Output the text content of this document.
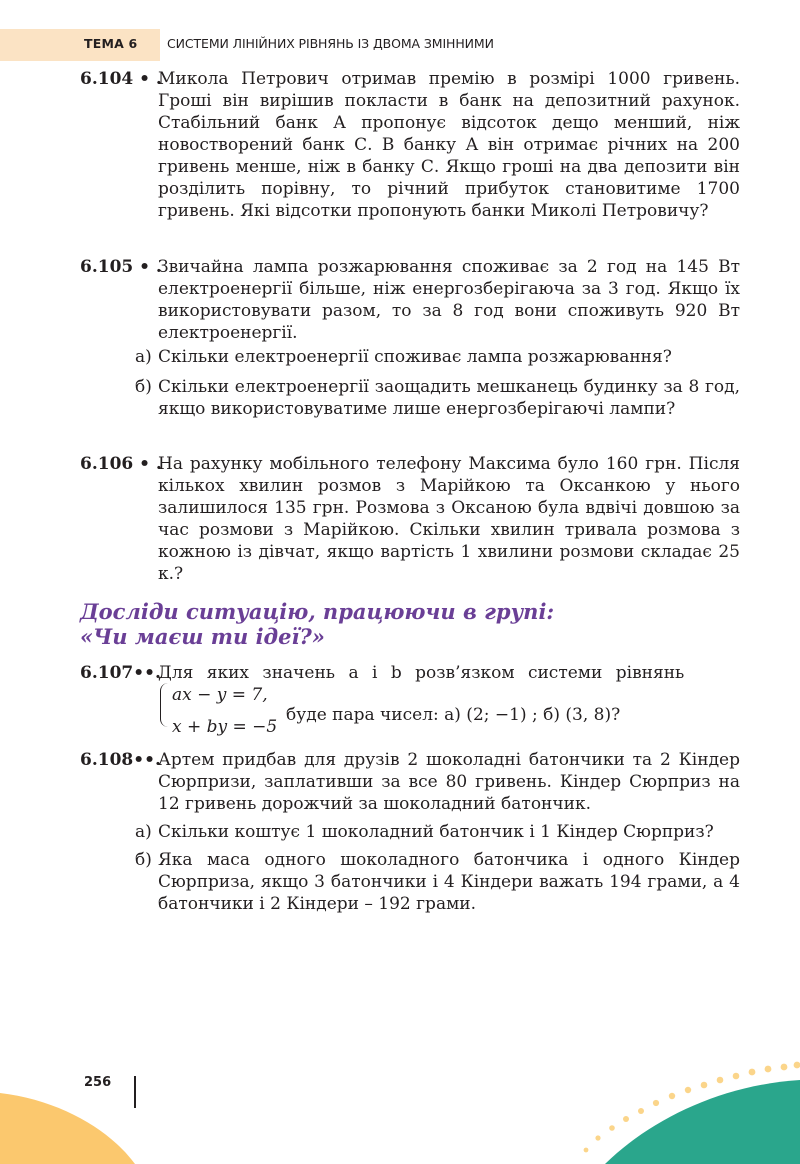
ТЕМА 6 СИСТЕМИ ЛІНІЙНИХ РІВНЯНЬ ІЗ ДВОМА ЗМІННИМИ
6.104 • .
Микола Петрович отримав премію в розмірі 1000 гривень. Гроші він вирішив покласти в банк на депозитний рахунок. Стабільний банк А пропонує відсоток дещо менший, ніж новостворений банк С. В банку А він отримає річних на 200 гривень менше, ніж в банку С. Якщо гроші на два депозити він розділить порівну, то річний прибуток становитиме 1700 гривень. Які відсотки пропонують банки Миколі Петровичу?
6.105 • .
Звичайна лампа розжарювання споживає за 2 год на 145 Вт електроенергії більше, ніж енергозберігаюча за 3 год. Якщо їх використовувати разом, то за 8 год вони споживуть 920 Вт електроенергії.
а) Скільки електроенергії споживає лампа розжарювання?
б) Скільки електроенергії заощадить мешканець будинку за 8 год, якщо використовуватиме лише енергозберігаючі лампи?
6.106 • .
На рахунку мобільного телефону Максима було 160 грн. Після кількох хвилин розмов з Марійкою та Оксанкою у нього залишилося 135 грн. Розмова з Оксаною була вдвічі довшою за час розмови з Марійкою. Скільки хвилин тривала розмова з кожною із дівчат, якщо вартість 1 хвилини розмови складає 25 к.?
Досліди ситуацію, працюючи в групі:
«Чи маєш ти ідеї?»
6.107••.
Для яких значень a і b розв’язком системи рівнянь
ax − y = 7,
x + by = −5
буде пара чисел: а) (2; −1) ; б) (3, 8)?
6.108••.
Артем придбав для друзів 2 шоколадні батончики та 2 Кіндер Сюрпризи, заплативши за все 80 гривень. Кіндер Сюрприз на 12 гривень дорожчий за шоколадний батончик.
а) Скільки коштує 1 шоколадний батончик і 1 Кіндер Сюрприз?
б) Яка маса одного шоколадного батончика і одного Кіндер Сюрприза, якщо 3 батончики і 4 Кіндери важать 194 грами, а 4 батончики і 2 Кіндери – 192 грами.
256
